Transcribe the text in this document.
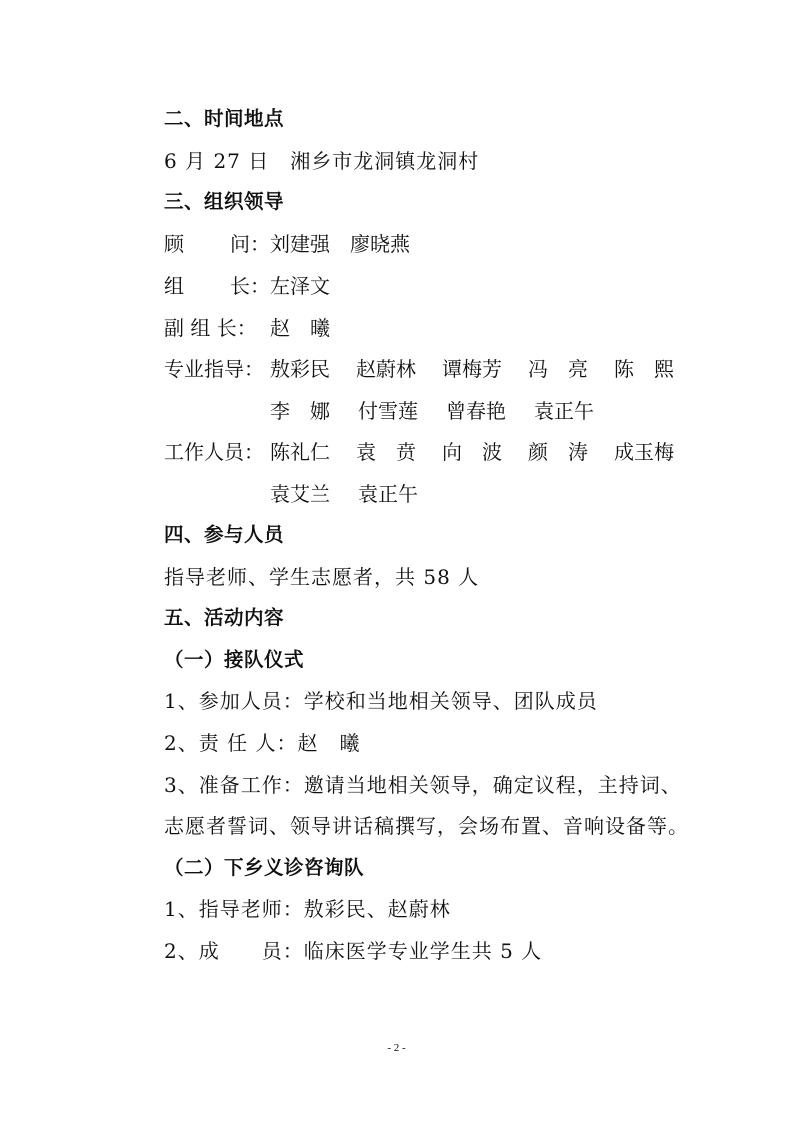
二、时间地点
6 月 27 日　湘乡市龙洞镇龙洞村
三、组织领导
顾 问： 刘建强　廖晓燕
组 长： 左泽文
副 组 长： 赵　曦
专业指导： 敖彩民 赵蔚林 谭梅芳 冯　亮 陈　熙
李　娜 付雪莲 曾春艳 袁正午
工作人员： 陈礼仁 袁　贲 向　波 颜　涛 成玉梅
袁艾兰 袁正午
四、参与人员
指导老师、学生志愿者，共 58 人
五、活动内容
（一）接队仪式
1、参加人员：学校和当地相关领导、团队成员
2、责 任 人：赵　曦
3、准备工作：邀请当地相关领导，确定议程，主持词、
志愿者誓词、领导讲话稿撰写，会场布置、音响设备等。
（二）下乡义诊咨询队
1、指导老师：敖彩民、赵蔚林
2、成　　员：临床医学专业学生共 5 人
- 2 -
